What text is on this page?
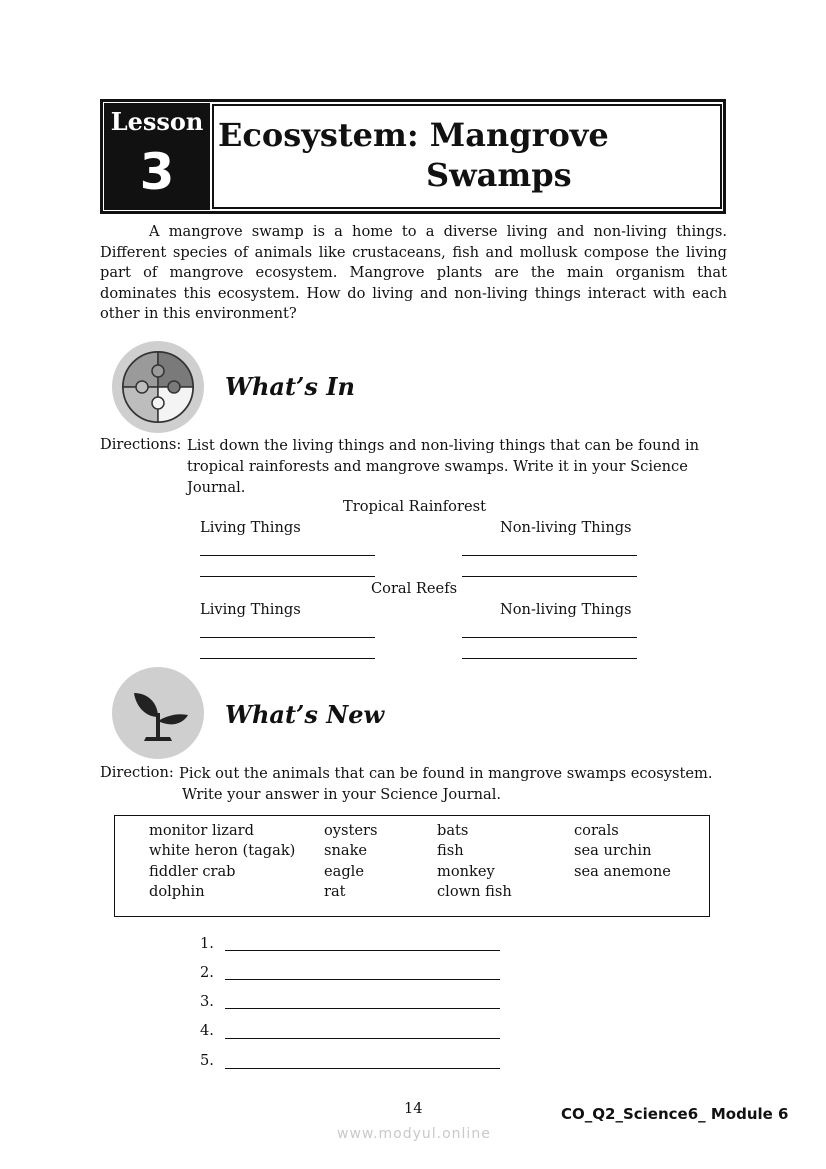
Lesson
3
Ecosystem: Mangrove
Swamps
A mangrove swamp is a home to a diverse living and non-living things. Different species of animals like crustaceans, fish and mollusk compose the living part of mangrove ecosystem. Mangrove plants are the main organism that dominates this ecosystem. How do living and non-living things interact with each other in this environment?
What’s In
Directions: List down the living things and non-living things that can be found in
tropical rainforests and mangrove swamps. Write it in your Science
Journal.
Tropical Rainforest
Living Things	Non-living Things
Coral Reefs
Living Things	Non-living Things
What’s New
Direction: Pick out the animals that can be found in mangrove swamps ecosystem.
Write your answer in your Science Journal.
monitor lizard	oysters	bats	corals
white heron (tagak) snake	fish	sea urchin
fiddler crab	eagle	monkey	sea anemone
dolphin	rat	clown fish
1.
2.
3.
4.
5.
14	CO_Q2_Science6_ Module 6
www.modyul.online
